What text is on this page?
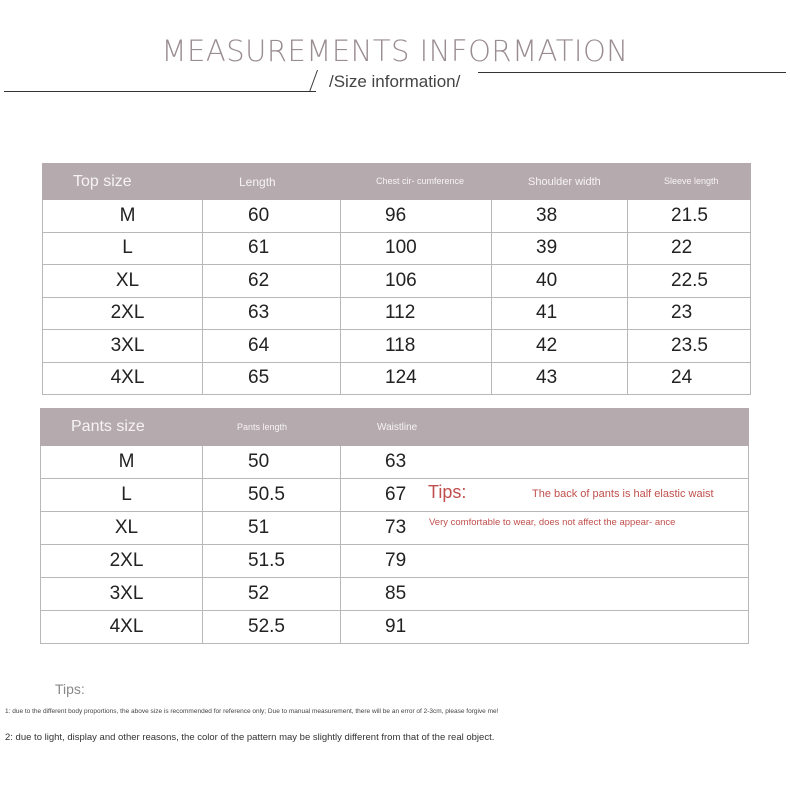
MEASUREMENTS INFORMATION
/Size information/
Top size	Length	Chest cir- cumference	Shoulder width	Sleeve length
M	60	96	38	21.5
L	61	100	39	22
XL	62	106	40	22.5
2XL	63	112	41	23
3XL	64	118	42	23.5
4XL	65	124	43	24
Pants size	Pants length	Waistline
M	50	63
L	50.5	67
XL	51	73
2XL	51.5	79
3XL	52	85
4XL	52.5	91
Tips:	The back of pants is half elastic waist
Very comfortable to wear, does not affect the appear- ance
Tips:
1: due to the different body proportions, the above size is recommended for reference only; Due to manual measurement, there will be an error of 2-3cm, please forgive me!
2: due to light, display and other reasons, the color of the pattern may be slightly different from that of the real object.
